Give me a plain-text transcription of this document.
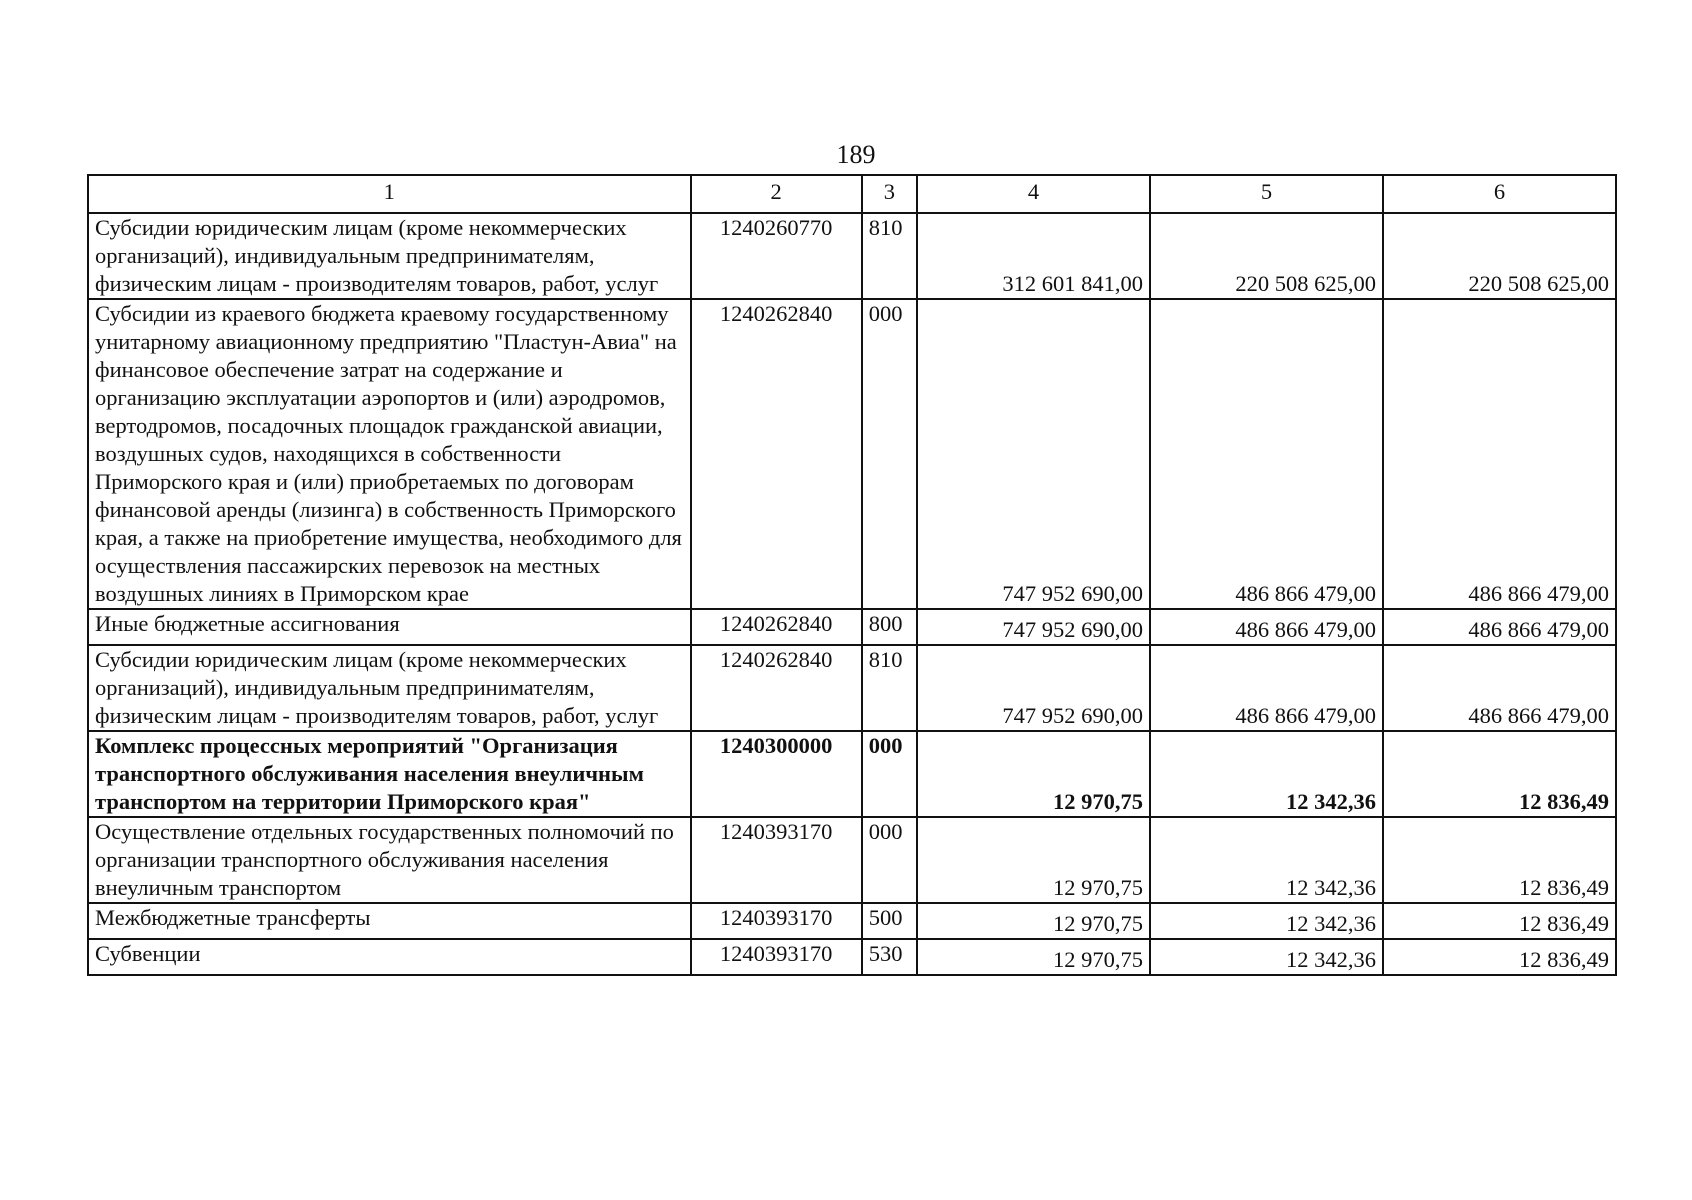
189
1	2	3	4	5	6
Субсидии юридическим лицам (кроме некоммерческих организаций), индивидуальным предпринимателям, физическим лицам - производителям товаров, работ, услуг	1240260770	810	312 601 841,00	220 508 625,00	220 508 625,00
Субсидии из краевого бюджета краевому государственному унитарному авиационному предприятию "Пластун-Авиа" на финансовое обеспечение затрат на содержание и организацию эксплуатации аэропортов и (или) аэродромов, вертодромов, посадочных площадок гражданской авиации, воздушных судов, находящихся в собственности Приморского края и (или) приобретаемых по договорам финансовой аренды (лизинга) в собственность Приморского края, а также на приобретение имущества, необходимого для осуществления пассажирских перевозок на местных воздушных линиях в Приморском крае	1240262840	000	747 952 690,00	486 866 479,00	486 866 479,00
Иные бюджетные ассигнования	1240262840	800	747 952 690,00	486 866 479,00	486 866 479,00
Субсидии юридическим лицам (кроме некоммерческих организаций), индивидуальным предпринимателям, физическим лицам - производителям товаров, работ, услуг	1240262840	810	747 952 690,00	486 866 479,00	486 866 479,00
Комплекс процессных мероприятий "Организация транспортного обслуживания населения внеуличным транспортом на территории Приморского края"	1240300000	000	12 970,75	12 342,36	12 836,49
Осуществление отдельных государственных полномочий по организации транспортного обслуживания населения внеуличным транспортом	1240393170	000	12 970,75	12 342,36	12 836,49
Межбюджетные трансферты	1240393170	500	12 970,75	12 342,36	12 836,49
Субвенции	1240393170	530	12 970,75	12 342,36	12 836,49
